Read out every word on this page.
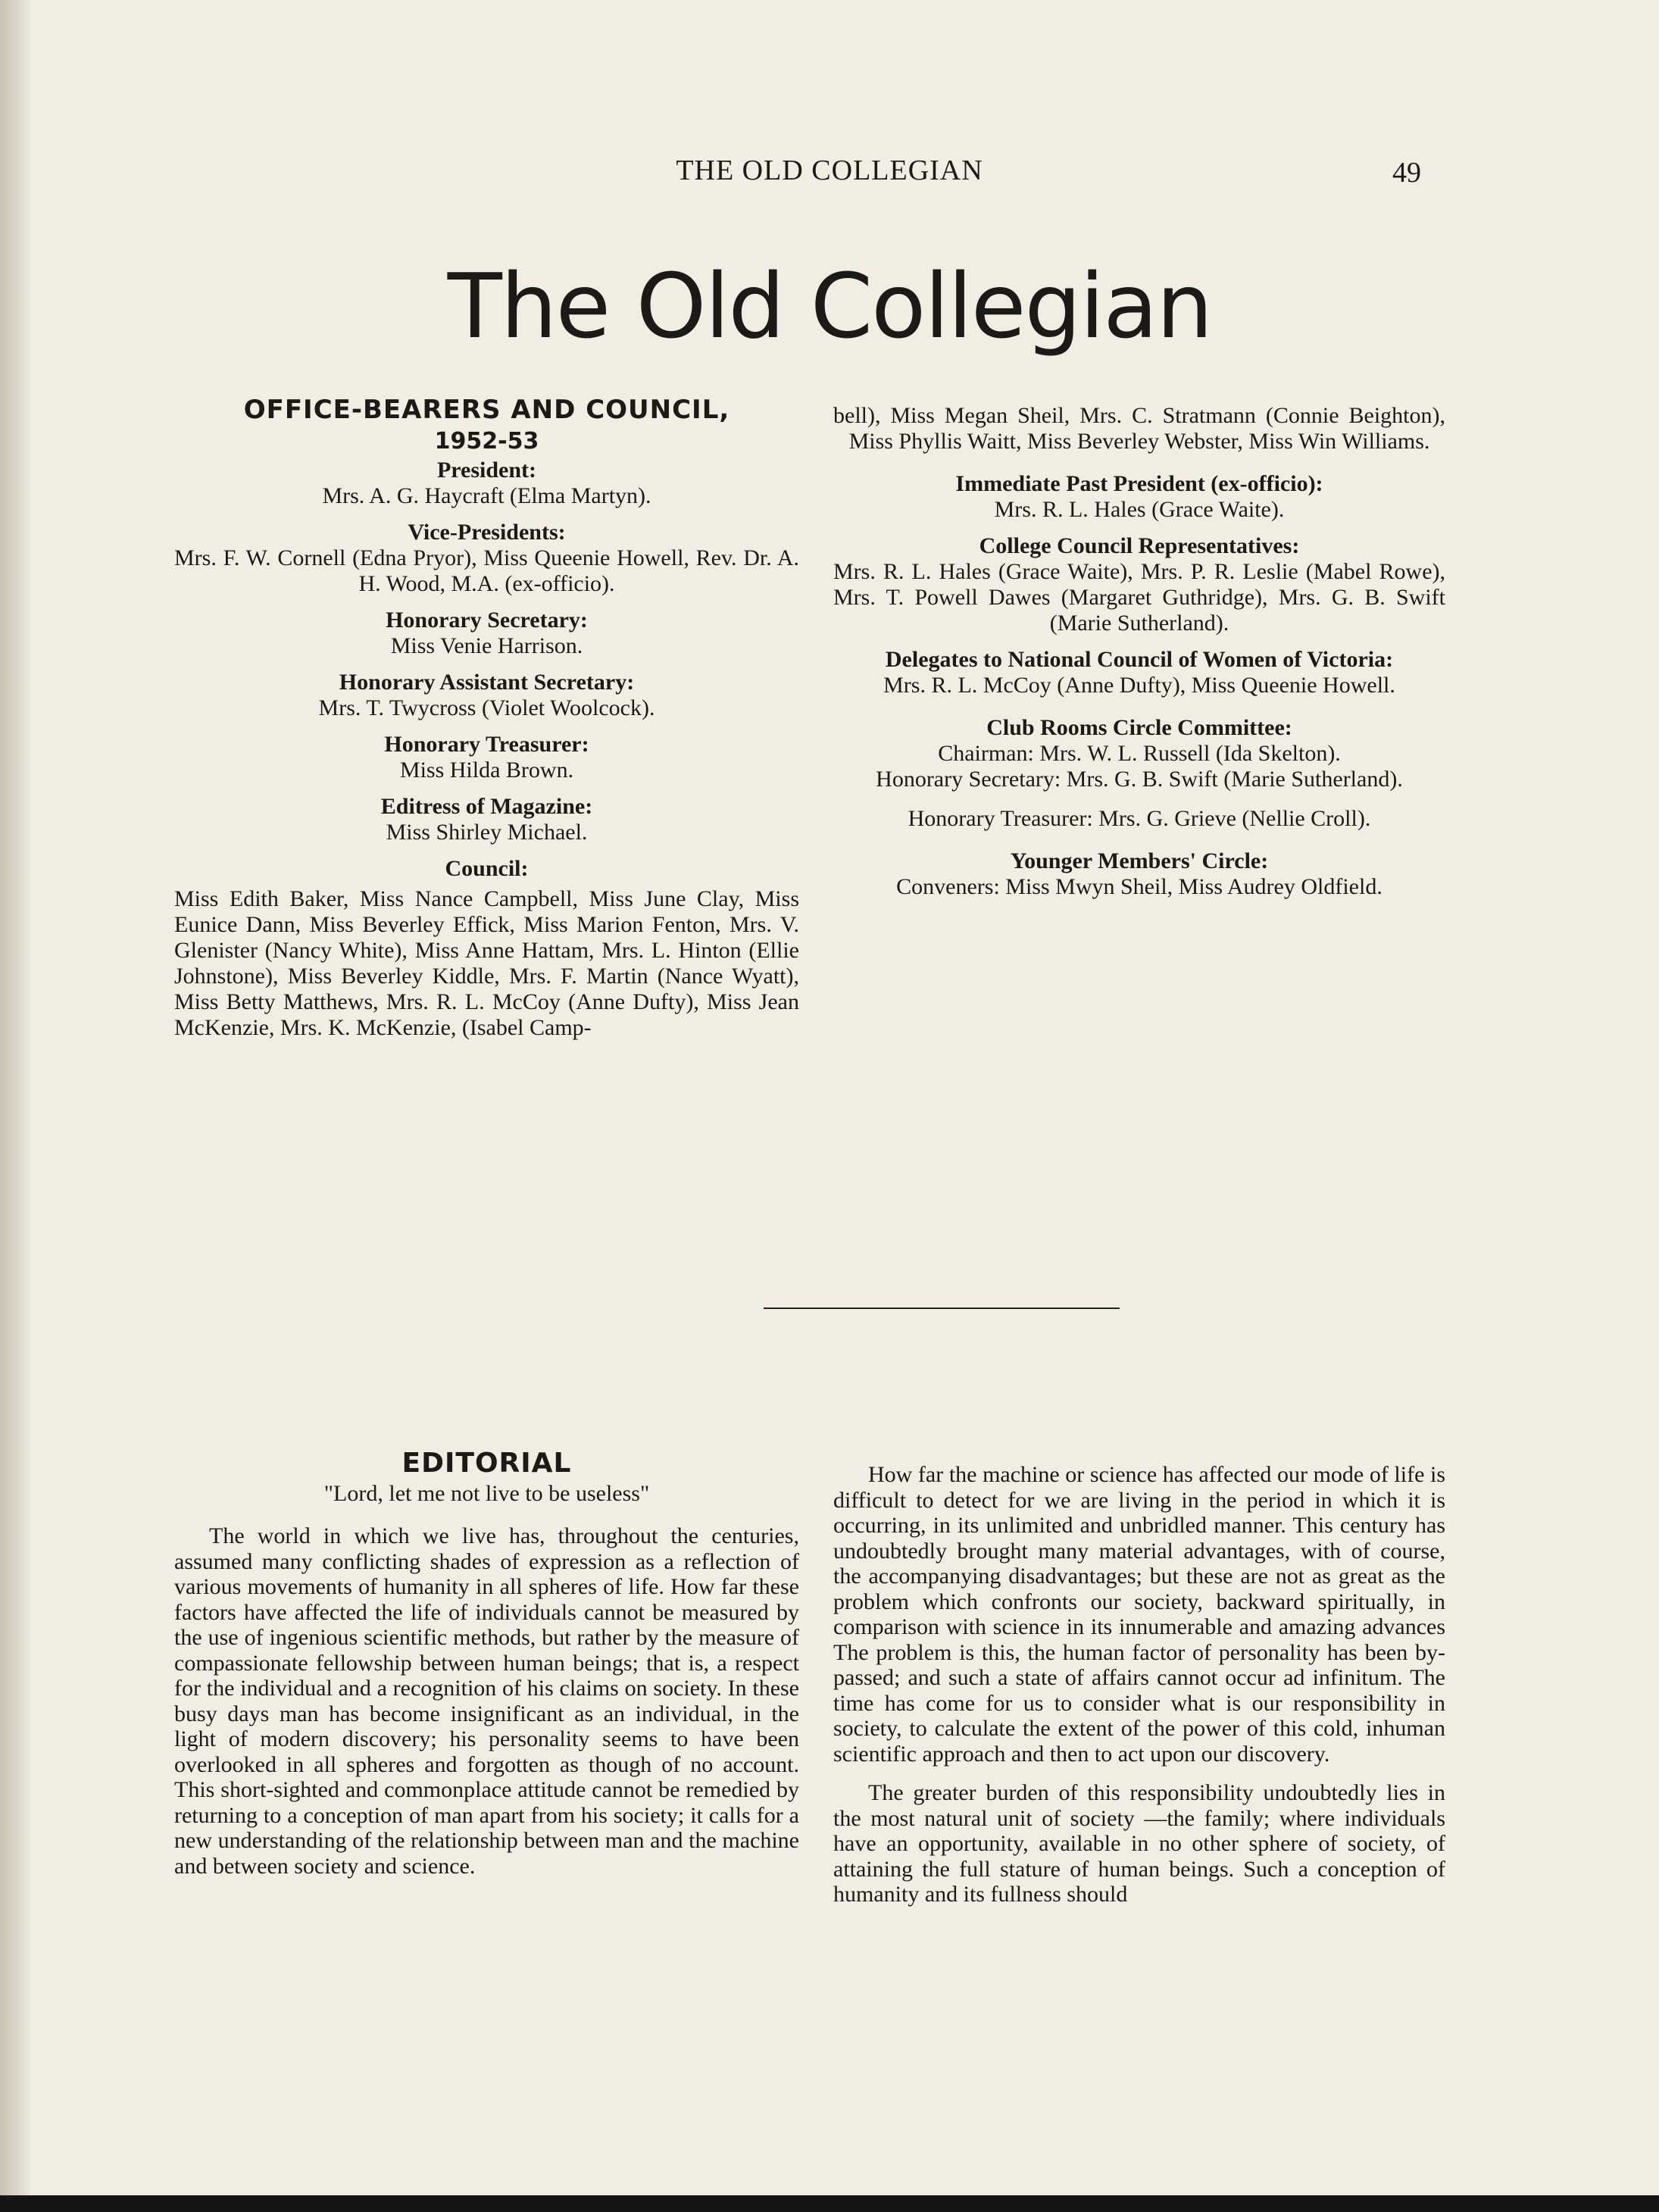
THE OLD COLLEGIAN	49
The Old Collegian
OFFICE-BEARERS AND COUNCIL,
1952-53
President:
Mrs. A. G. Haycraft (Elma Martyn).
Vice-Presidents:
Mrs. F. W. Cornell (Edna Pryor), Miss Queenie Howell, Rev. Dr. A. H. Wood, M.A. (ex-officio).
Honorary Secretary:
Miss Venie Harrison.
Honorary Assistant Secretary:
Mrs. T. Twycross (Violet Woolcock).
Honorary Treasurer:
Miss Hilda Brown.
Editress of Magazine:
Miss Shirley Michael.
Council:
Miss Edith Baker, Miss Nance Campbell, Miss June Clay, Miss Eunice Dann, Miss Beverley Effick, Miss Marion Fenton, Mrs. V. Glenister (Nancy White), Miss Anne Hattam, Mrs. L. Hinton (Ellie Johnstone), Miss Beverley Kiddle, Mrs. F. Martin (Nance Wyatt), Miss Betty Matthews, Mrs. R. L. McCoy (Anne Dufty), Miss Jean McKenzie, Mrs. K. McKenzie, (Isabel Camp-
bell), Miss Megan Sheil, Mrs. C. Stratmann (Connie Beighton), Miss Phyllis Waitt, Miss Beverley Webster, Miss Win Williams.
Immediate Past President (ex-officio):
Mrs. R. L. Hales (Grace Waite).
College Council Representatives:
Mrs. R. L. Hales (Grace Waite), Mrs. P. R. Leslie (Mabel Rowe), Mrs. T. Powell Dawes (Margaret Guthridge), Mrs. G. B. Swift (Marie Sutherland).
Delegates to National Council of Women of Victoria:
Mrs. R. L. McCoy (Anne Dufty), Miss Queenie Howell.
Club Rooms Circle Committee:
Chairman: Mrs. W. L. Russell (Ida Skelton).
Honorary Secretary: Mrs. G. B. Swift (Marie Sutherland).
Honorary Treasurer: Mrs. G. Grieve (Nellie Croll).
Younger Members' Circle:
Conveners: Miss Mwyn Sheil, Miss Audrey Oldfield.
EDITORIAL
"Lord, let me not live to be useless"

The world in which we live has, throughout the centuries, assumed many conflicting shades of expression as a reflection of various movements of humanity in all spheres of life. How far these factors have affected the life of individuals cannot be measured by the use of ingenious scientific methods, but rather by the measure of compassionate fellowship between human beings; that is, a respect for the individual and a recognition of his claims on society. In these busy days man has become insignificant as an individual, in the light of modern discovery; his personality seems to have been overlooked in all spheres and forgotten as though of no account. This short-sighted and commonplace attitude cannot be remedied by returning to a conception of man apart from his society; it calls for a new understanding of the relationship between man and the machine and between society and science.

How far the machine or science has affected our mode of life is difficult to detect for we are living in the period in which it is occurring, in its unlimited and unbridled manner. This century has undoubtedly brought many material advantages, with of course, the accompanying disadvantages; but these are not as great as the problem which confronts our society, backward spiritually, in comparison with science in its innumerable and amazing advances The problem is this, the human factor of personality has been by-passed; and such a state of affairs cannot occur ad infinitum. The time has come for us to consider what is our responsibility in society, to calculate the extent of the power of this cold, inhuman scientific approach and then to act upon our discovery.

The greater burden of this responsibility undoubtedly lies in the most natural unit of society —the family; where individuals have an opportunity, available in no other sphere of society, of attaining the full stature of human beings. Such a conception of humanity and its fullness should
